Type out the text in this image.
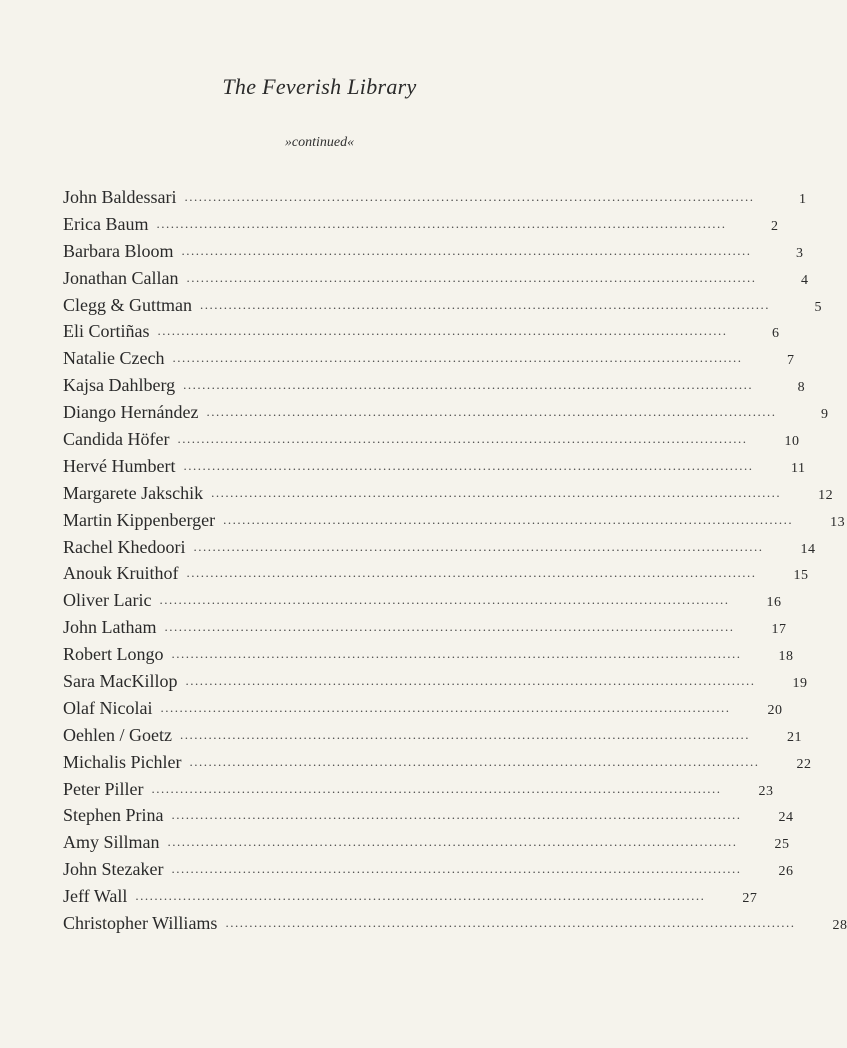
The Feverish Library
»continued«
John Baldessari ........................................................................................................................	1
Erica Baum ........................................................................................................................	2
Barbara Bloom ........................................................................................................................	3
Jonathan Callan ........................................................................................................................	4
Clegg & Guttman ........................................................................................................................	5
Eli Cortiñas ........................................................................................................................	6
Natalie Czech ........................................................................................................................	7
Kajsa Dahlberg ........................................................................................................................	8
Diango Hernández ........................................................................................................................	9
Candida Höfer ........................................................................................................................	10
Hervé Humbert ........................................................................................................................	11
Margarete Jakschik ........................................................................................................................	12
Martin Kippenberger ........................................................................................................................	13
Rachel Khedoori ........................................................................................................................	14
Anouk Kruithof ........................................................................................................................	15
Oliver Laric ........................................................................................................................	16
John Latham ........................................................................................................................	17
Robert Longo ........................................................................................................................	18
Sara MacKillop ........................................................................................................................	19
Olaf Nicolai ........................................................................................................................	20
Oehlen / Goetz ........................................................................................................................	21
Michalis Pichler ........................................................................................................................	22
Peter Piller ........................................................................................................................	23
Stephen Prina ........................................................................................................................	24
Amy Sillman ........................................................................................................................	25
John Stezaker ........................................................................................................................	26
Jeff Wall ........................................................................................................................	27
Christopher Williams ........................................................................................................................	28
